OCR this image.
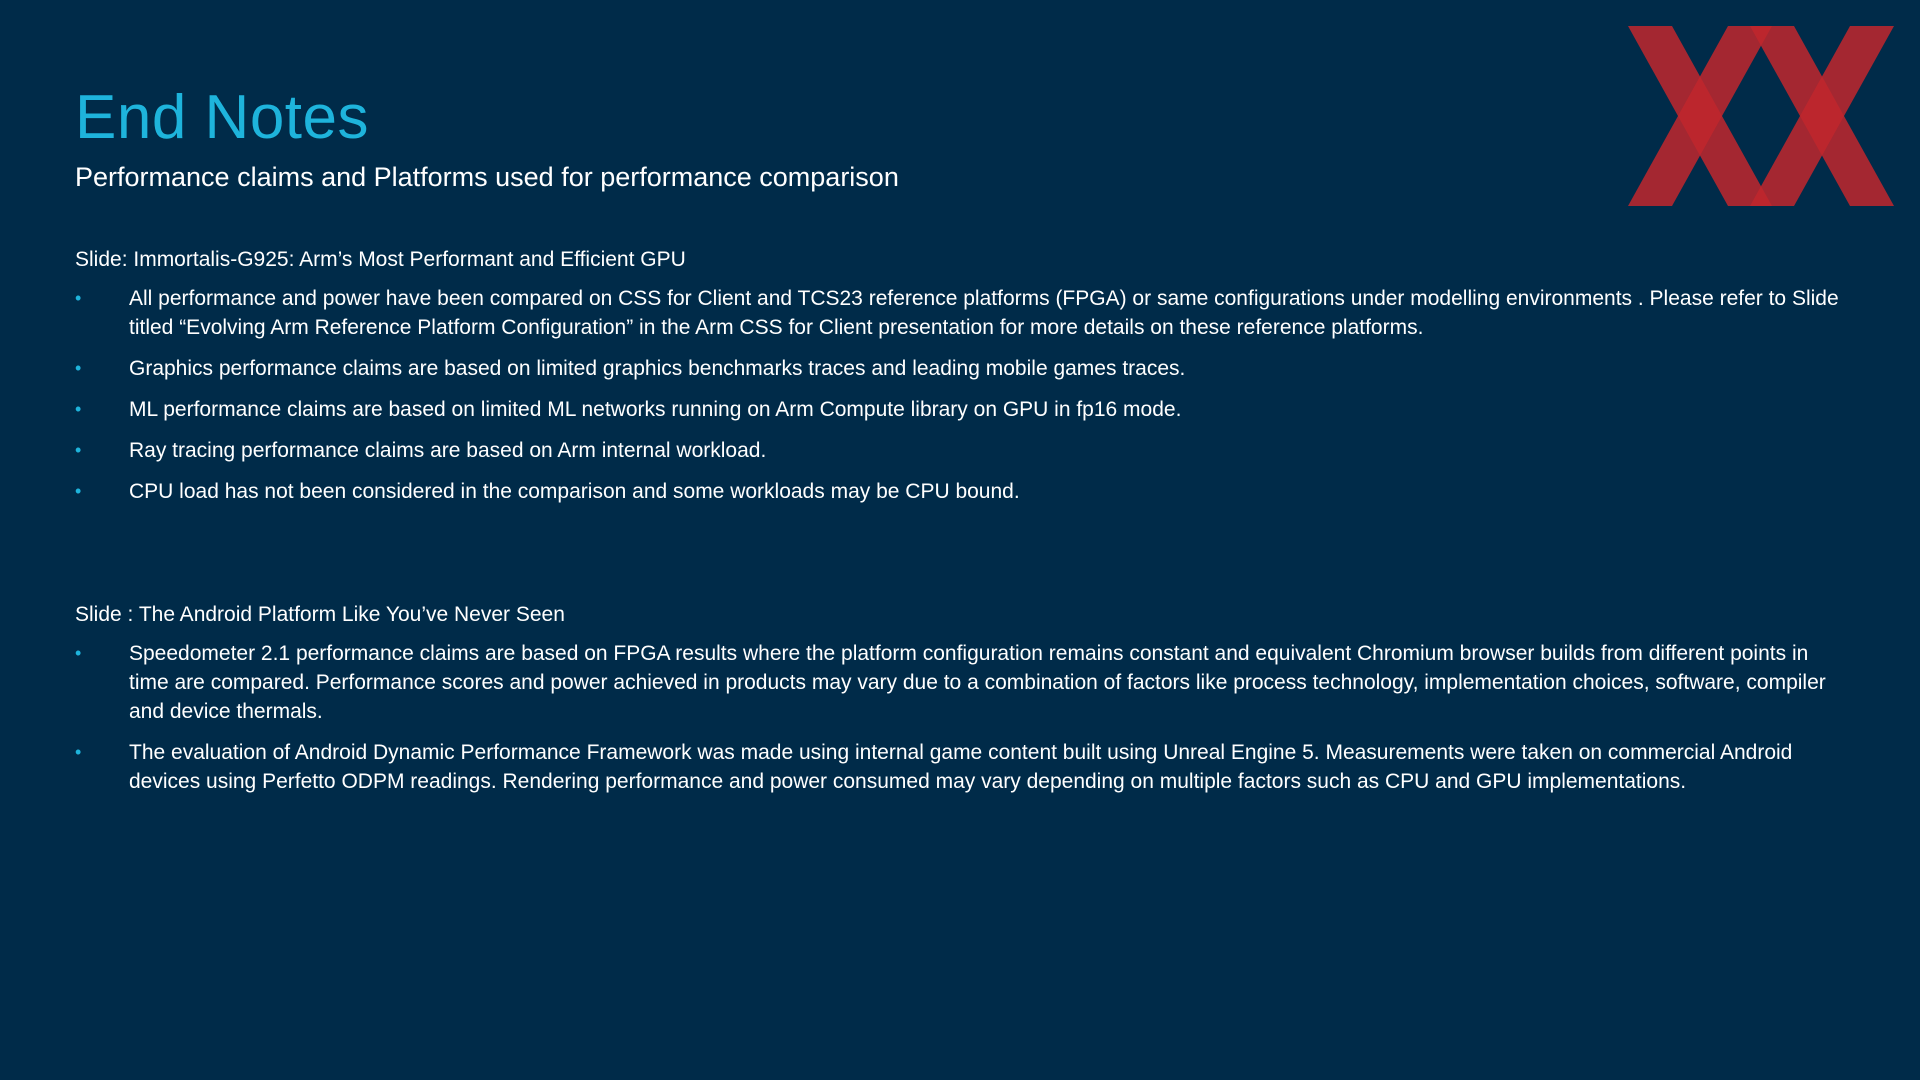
End Notes
Performance claims and Platforms used for performance comparison
Slide: Immortalis-G925: Arm’s Most Performant and Efficient GPU
• All performance and power have been compared on CSS for Client and TCS23 reference platforms (FPGA) or same configurations under modelling environments . Please refer to Slide titled “Evolving Arm Reference Platform Configuration” in the Arm CSS for Client presentation for more details on these reference platforms.
• Graphics performance claims are based on limited graphics benchmarks traces and leading mobile games traces.
• ML performance claims are based on limited ML networks running on Arm Compute library on GPU in fp16 mode.
• Ray tracing performance claims are based on Arm internal workload.
• CPU load has not been considered in the comparison and some workloads may be CPU bound.
Slide : The Android Platform Like You’ve Never Seen
• Speedometer 2.1 performance claims are based on FPGA results where the platform configuration remains constant and equivalent Chromium browser builds from different points in time are compared. Performance scores and power achieved in products may vary due to a combination of factors like process technology, implementation choices, software, compiler and device thermals.
• The evaluation of Android Dynamic Performance Framework was made using internal game content built using Unreal Engine 5. Measurements were taken on commercial Android devices using Perfetto ODPM readings. Rendering performance and power consumed may vary depending on multiple factors such as CPU and GPU implementations.
